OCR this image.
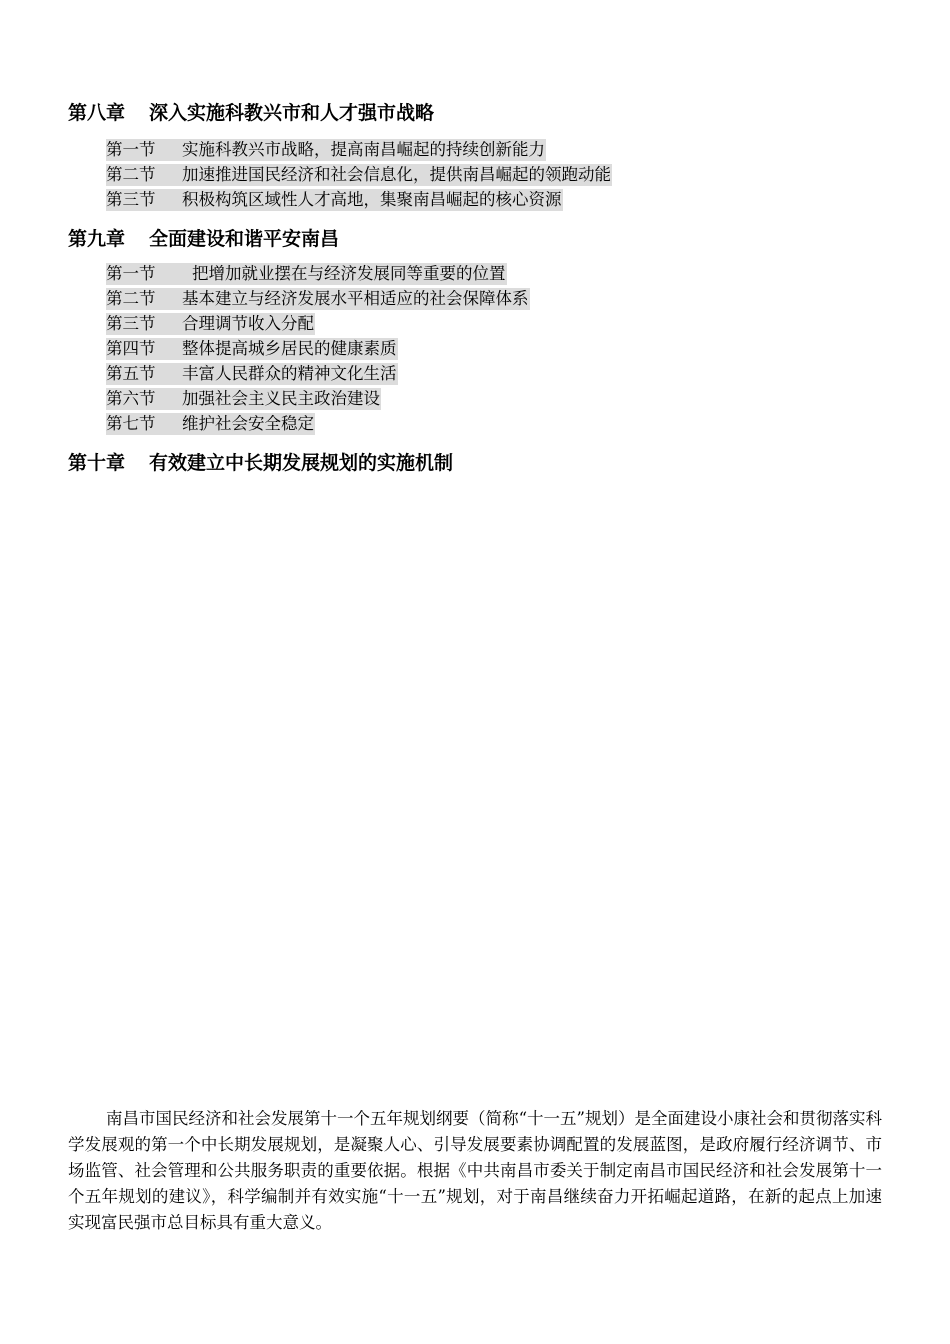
第八章 深入实施科教兴市和人才强市战略
第一节 实施科教兴市战略，提高南昌崛起的持续创新能力
第二节 加速推进国民经济和社会信息化，提供南昌崛起的领跑动能
第三节 积极构筑区域性人才高地，集聚南昌崛起的核心资源
第九章 全面建设和谐平安南昌
第一节 把增加就业摆在与经济发展同等重要的位置
第二节 基本建立与经济发展水平相适应的社会保障体系
第三节 合理调节收入分配
第四节 整体提高城乡居民的健康素质
第五节 丰富人民群众的精神文化生活
第六节 加强社会主义民主政治建设
第七节 维护社会安全稳定
第十章 有效建立中长期发展规划的实施机制

南昌市国民经济和社会发展第十一个五年规划纲要（简称“十一五”规划）是全面建设小康社会和贯彻落实科学发展观的第一个中长期发展规划，是凝聚人心、引导发展要素协调配置的发展蓝图，是政府履行经济调节、市场监管、社会管理和公共服务职责的重要依据。根据《中共南昌市委关于制定南昌市国民经济和社会发展第十一个五年规划的建议》，科学编制并有效实施“十一五”规划，对于南昌继续奋力开拓崛起道路，在新的起点上加速实现富民强市总目标具有重大意义。
